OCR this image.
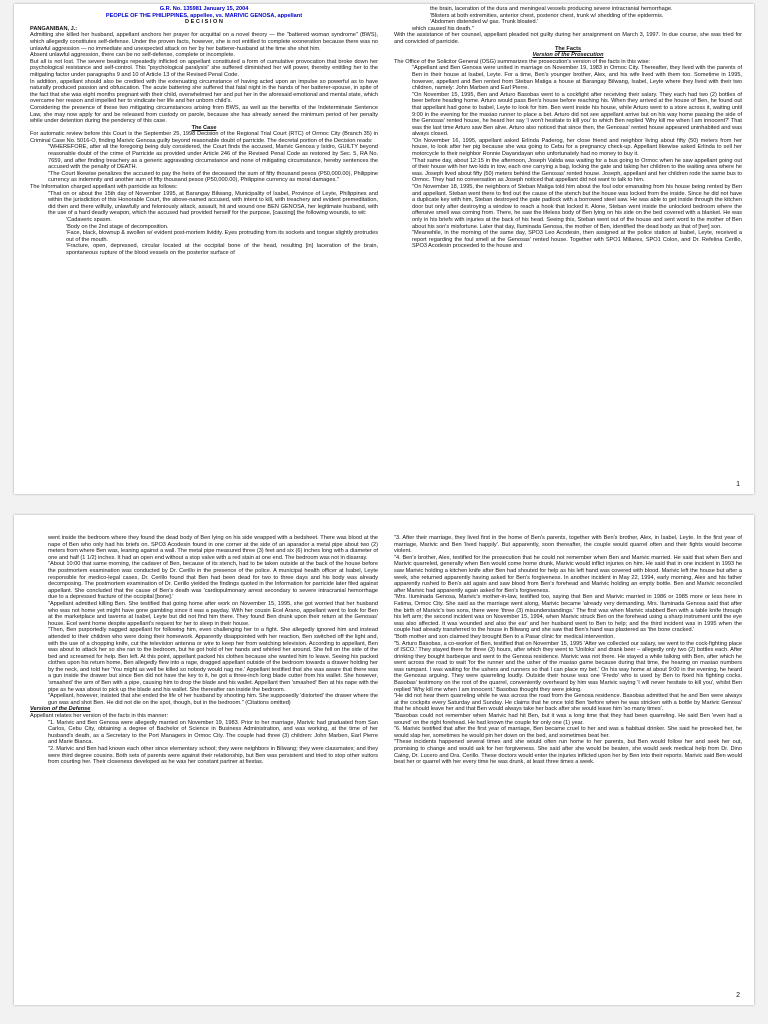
G.R. No. 135981 January 15, 2004

PEOPLE OF THE PHILIPPINES, appellee, vs. MARIVIC GENOSA, appellant

D E C I S I O N

PANGANIBAN, J.:

Admitting she killed her husband, appellant anchors her prayer for acquittal on a novel theory — the "battered woman syndrome" (BWS), which allegedly constitutes self-defense. Under the proven facts, however, she is not entitled to complete exoneration because there was no unlawful aggression — no immediate and unexpected attack on her by her batterer-husband at the time she shot him.

Absent unlawful aggression, there can be no self-defense, complete or incomplete.

But all is not lost. The severe beatings repeatedly inflicted on appellant constituted a form of cumulative provocation that broke down her psychological resistance and self-control. This "psychological paralysis" she suffered diminished her will power, thereby entitling her to the mitigating factor under paragraphs 9 and 10 of Article 13 of the Revised Penal Code.

In addition, appellant should also be credited with the extenuating circumstance of having acted upon an impulse so powerful as to have naturally produced passion and obfuscation. The acute battering she suffered that fatal night in the hands of her batterer-spouse, in spite of the fact that she was eight months pregnant with their child, overwhelmed her and put her in the aforesaid emotional and mental state, which overcame her reason and impelled her to vindicate her life and her unborn child's.

Considering the presence of these two mitigating circumstances arising from BWS, as well as the benefits of the Indeterminate Sentence Law, she may now apply for and be released from custody on parole, because she has already served the minimum period of her penalty while under detention during the pendency of this case.

The Case

For automatic review before this Court is the September 25, 1998 Decision of the Regional Trial Court (RTC) of Ormoc City (Branch 35) in Criminal Case No. 5016-O, finding Marivic Genosa guilty beyond reasonable doubt of parricide. The decretal portion of the Decision reads:

"WHEREFORE, after all the foregoing being duly considered, the Court finds the accused, Marivic Genosa y Isidro, GUILTY beyond reasonable doubt of the crime of Parricide as provided under Article 246 of the Revised Penal Code as restored by Sec. 5, RA No. 7659, and after finding treachery as a generic aggravating circumstance and none of mitigating circumstance, hereby sentences the accused with the penalty of DEATH.

"The Court likewise penalizes the accused to pay the heirs of the deceased the sum of fifty thousand pesos (P50,000.00), Philippine currency as indemnity and another sum of fifty thousand pesos (P50,000.00), Philippine currency as moral damages."

The Information charged appellant with parricide as follows:

"That on or about the 15th day of November 1995, at Barangay Bilwang, Municipality of Isabel, Province of Leyte, Philippines and within the jurisdiction of this Honorable Court, the above-named accused, with intent to kill, with treachery and evident premeditation, did then and there wilfully, unlawfully and feloniously attack, assault, hit and wound one BEN GENOSA, her legitimate husband, with the use of a hard deadly weapon, which the accused had provided herself for the purpose, [causing] the following wounds, to wit:

'Cadaveric spasm.

'Body on the 2nd stage of decomposition.

'Face, black, blownup & swollen w/ evident post-mortem lividity. Eyes protruding from its sockets and tongue slightly protrudes out of the mouth.

'Fracture, open, depressed, circular located at the occipital bone of the head, resulting [in] laceration of the brain, spontaneous rupture of the blood vessels on the posterior surface of

the brain, laceration of the dura and meningeal vessels producing severe intracranial hemorrhage.

'Blisters at both extremities, anterior chest, posterior chest, trunk w/ shedding of the epidermis.

'Abdomen distended w/ gas. Trunk bloated.'

which caused his death."

With the assistance of her counsel, appellant pleaded not guilty during her arraignment on March 3, 1997. In due course, she was tried for and convicted of parricide.

The Facts

Version of the Prosecution

The Office of the Solicitor General (OSG) summarizes the prosecution's version of the facts in this wise:

"Appellant and Ben Genosa were united in marriage on November 19, 1983 in Ormoc City. Thereafter, they lived with the parents of Ben in their house at Isabel, Leyte. For a time, Ben's younger brother, Alex, and his wife lived with them too. Sometime in 1995, however, appellant and Ben rented from Steban Matiga a house at Barangay Bilwang, Isabel, Leyte where they lived with their two children, namely: John Marben and Earl Pierre.

"On November 15, 1995, Ben and Arturo Basobas went to a cockfight after receiving their salary. They each had two (2) bottles of beer before heading home. Arturo would pass Ben's house before reaching his. When they arrived at the house of Ben, he found out that appellant had gone to Isabel, Leyte to look for him. Ben went inside his house, while Arturo went to a store across it, waiting until 9:00 in the evening for the masiao runner to place a bet. Arturo did not see appellant arrive but on his way home passing the side of the Genosas' rented house, he heard her say 'I won't hesitate to kill you' to which Ben replied 'Why kill me when I am innocent?' That was the last time Arturo saw Ben alive. Arturo also noticed that since then, the Genosas' rented house appeared uninhabited and was always closed.

"On November 16, 1995, appellant asked Erlinda Paderog, her close friend and neighbor living about fifty (50) meters from her house, to look after her pig because she was going to Cebu for a pregnancy check-up. Appellant likewise asked Erlinda to sell her motorcycle to their neighbor Ronnie Dayandayan who unfortunately had no money to buy it.

"That same day, about 12:15 in the afternoon, Joseph Valida was waiting for a bus going to Ormoc when he saw appellant going out of their house with her two kids in tow, each one carrying a bag, locking the gate and taking her children to the waiting area where he was. Joseph lived about fifty (50) meters behind the Genosas' rented house. Joseph, appellant and her children rode the same bus to Ormoc. They had no conversation as Joseph noticed that appellant did not want to talk to him.

"On November 18, 1995, the neighbors of Steban Matiga told him about the foul odor emanating from his house being rented by Ben and appellant. Steban went there to find out the cause of the stench but the house was locked from the inside. Since he did not have a duplicate key with him, Steban destroyed the gate padlock with a borrowed steel saw. He was able to get inside through the kitchen door but only after destroying a window to reach a hook that locked it. Alone, Steban went inside the unlocked bedroom where the offensive smell was coming from. There, he saw the lifeless body of Ben lying on his side on the bed covered with a blanket. He was only in his briefs with injuries at the back of his head. Seeing this, Steban went out of the house and sent word to the mother of Ben about his son's misfortune. Later that day, Iluminada Genosa, the mother of Ben, identified the dead body as that of [her] son.

"Meanwhile, in the morning of the same day, SPO3 Leo Acodesin, then assigned at the police station at Isabel, Leyte, received a report regarding the foul smell at the Genosas' rented house. Together with SPO1 Millares, SPO1 Colon, and Dr. Refelina Cerillo, SPO3 Acodesin proceeded to the house and

1

went inside the bedroom where they found the dead body of Ben lying on his side wrapped with a bedsheet. There was blood at the nape of Ben who only had his briefs on. SPO3 Acodesin found in one corner at the side of an aparador a metal pipe about two (2) meters from where Ben was, leaning against a wall. The metal pipe measured three (3) feet and six (6) inches long with a diameter of one and half (1 1/2) inches. It had an open end without a stop valve with a red stain at one end. The bedroom was not in disarray.

"About 10:00 that same morning, the cadaver of Ben, because of its stench, had to be taken outside at the back of the house before the postmortem examination was conducted by Dr. Cerillo in the presence of the police. A municipal health officer at Isabel, Leyte responsible for medico-legal cases, Dr. Cerillo found that Ben had been dead for two to three days and his body was already decomposing. The postmortem examination of Dr. Cerillo yielded the findings quoted in the Information for parricide later filed against appellant. She concluded that the cause of Ben's death was 'cardiopulmonary arrest secondary to severe intracranial hemorrhage due to a depressed fracture of the occipital [bone].'

"Appellant admitted killing Ben. She testified that going home after work on November 15, 1995, she got worried that her husband who was not home yet might have gone gambling since it was a payday. With her cousin Ecel Arano, appellant went to look for Ben at the marketplace and taverns at Isabel, Leyte but did not find him there. They found Ben drunk upon their return at the Genosas' house. Ecel went home despite appellant's request for her to sleep in their house.

"Then, Ben purportedly nagged appellant for following him, even challenging her to a fight. She allegedly ignored him and instead attended to their children who were doing their homework. Apparently disappointed with her reaction, Ben switched off the light and, with the use of a chopping knife, cut the television antenna or wire to keep her from watching television. According to appellant, Ben was about to attack her so she ran to the bedroom, but he got hold of her hands and whirled her around. She fell on the side of the bed and screamed for help. Ben left. At this point, appellant packed his clothes because she wanted him to leave. Seeing his packed clothes upon his return home, Ben allegedly flew into a rage, dragged appellant outside of the bedroom towards a drawer holding her by the neck, and told her 'You might as well be killed so nobody would nag me.' Appellant testified that she was aware that there was a gun inside the drawer but since Ben did not have the key to it, he got a three-inch long blade cutter from his wallet. She however, 'smashed' the arm of Ben with a pipe, causing him to drop the blade and his wallet. Appellant then 'smashed' Ben at his nape with the pipe as he was about to pick up the blade and his wallet. She thereafter ran inside the bedroom.

"Appellant, however, insisted that she ended the life of her husband by shooting him. She supposedly 'distorted' the drawer where the gun was and shot Ben. He did not die on the spot, though, but in the bedroom." (Citations omitted)

Version of the Defense

Appellant relates her version of the facts in this manner:

"1. Marivic and Ben Genosa were allegedly married on November 19, 1983. Prior to her marriage, Marivic had graduated from San Carlos, Cebu City, obtaining a degree of Bachelor of Science in Business Administration, and was working, at the time of her husband's death, as a Secretary to the Port Managers in Ormoc City. The couple had three (3) children: John Marben, Earl Pierre and Marie Bianca.

"2. Marivic and Ben had known each other since elementary school; they were neighbors in Bilwang; they were classmates; and they were third degree cousins. Both sets of parents were against their relationship, but Ben was persistent and tried to stop other suitors from courting her. Their closeness developed as he was her constant partner at fiestas.

"3. After their marriage, they lived first in the home of Ben's parents, together with Ben's brother, Alex, in Isabel, Leyte. In the first year of marriage, Marivic and Ben 'lived happily'. But apparently, soon thereafter, the couple would quarrel often and their fights would become violent.

"4. Ben's brother, Alex, testified for the prosecution that he could not remember when Ben and Marivic married. He said that when Ben and Marivic quarreled, generally when Ben would come home drunk, Marivic would inflict injuries on him. He said that in one incident in 1993 he saw Marivic holding a kitchen knife after Ben had shouted for help as his left hand was covered with blood. Marivic left the house but after a week, she returned apparently having asked for Ben's forgiveness. In another incident in May 22, 1994, early morning, Alex and his father apparently rushed to Ben's aid again and saw blood from Ben's forehead and Marivic holding an empty bottle. Ben and Marivic reconciled after Marivic had apparently again asked for Ben's forgiveness.

"Mrs. Iluminada Genosa, Marivic's mother-in-law, testified too, saying that Ben and Marivic married in 1986 or 1985 more or less here in Fatima, Ormoc City. She said as the marriage went along, Marivic became 'already very demanding. Mrs. Iluminada Genosa said that after the birth of Marivic's two sons, there were 'three (3) misunderstandings.' The first was when Marivic stabbed Ben with a table knife through his left arm; the second incident was on November 15, 1994, when Marivic struck Ben on the forehead using a sharp instrument until the eye was also affected. It was wounded and also the ear' and her husband went to Ben to help; and the third incident was in 1995 when the couple had already transferred to the house in Bilwang and she saw that Ben's hand was plastered as 'the bone cracked.'

"Both mother and son claimed they brought Ben to a Pasar clinic for medical intervention.

"5. Arturo Basobas, a co-worker of Ben, testified that on November 15, 1995 'After we collected our salary, we went to the cock-fighting place of ISCO.' They stayed there for three (3) hours, after which they went to 'Uniloks' and drank beer – allegedly only two (2) bottles each. After drinking they bought barbeque and went to the Genosa residence. Marivic was not there. He stayed a while talking with Ben, after which he went across the road to wait 'for the runner and the usher of the masiao game because during that time, the hearing on masiao numbers was rampant. I was waiting for the ushers and runners so that I can place my bet.' On his way home at about 9:00 in the evening, he heard the Genosas arguing. They were quarreling loudly. Outside their house was one 'Fredo' who is used by Ben to fixed his fighting cocks. Basobas' testimony on the root of the quarrel, conveniently overheard by him was Marivic saying 'I will never hesitate to kill you', whilst Ben replied 'Why kill me when I am innocent.' Basobas thought they were joking.

"He did not hear them quarreling while he was across the road from the Genosa residence. Basobas admitted that he and Ben were always at the cockpits every Saturday and Sunday. He claims that he once told Ben 'before when he was stricken with a bottle by Marivic Genosa' that he should leave her and that Ben would always take her back after she would leave him 'so many times'.

"Basobas could not remember when Marivic had hit Ben, but it was a long time that they had been quarreling. He said Ben 'even had a wound' on the right forehead. He had known the couple for only one (1) year.

"6. Marivic testified that after the first year of marriage, Ben became cruel to her and was a habitual drinker. She said he provoked her, he would slap her, sometimes he would pin her down on the bed, and sometimes beat her.

"These incidents happened several times and she would often run home to her parents, but Ben would follow her and seek her out, promising to change and would ask for her forgiveness. She said after she would be beaten, she would seek medical help from Dr. Dino Caing, Dr. Lucero and Dra. Cerillo. These doctors would enter the injuries inflicted upon her by Ben into their reports. Marivic said Ben would beat her or quarrel with her every time he was drunk, at least three times a week.

2
